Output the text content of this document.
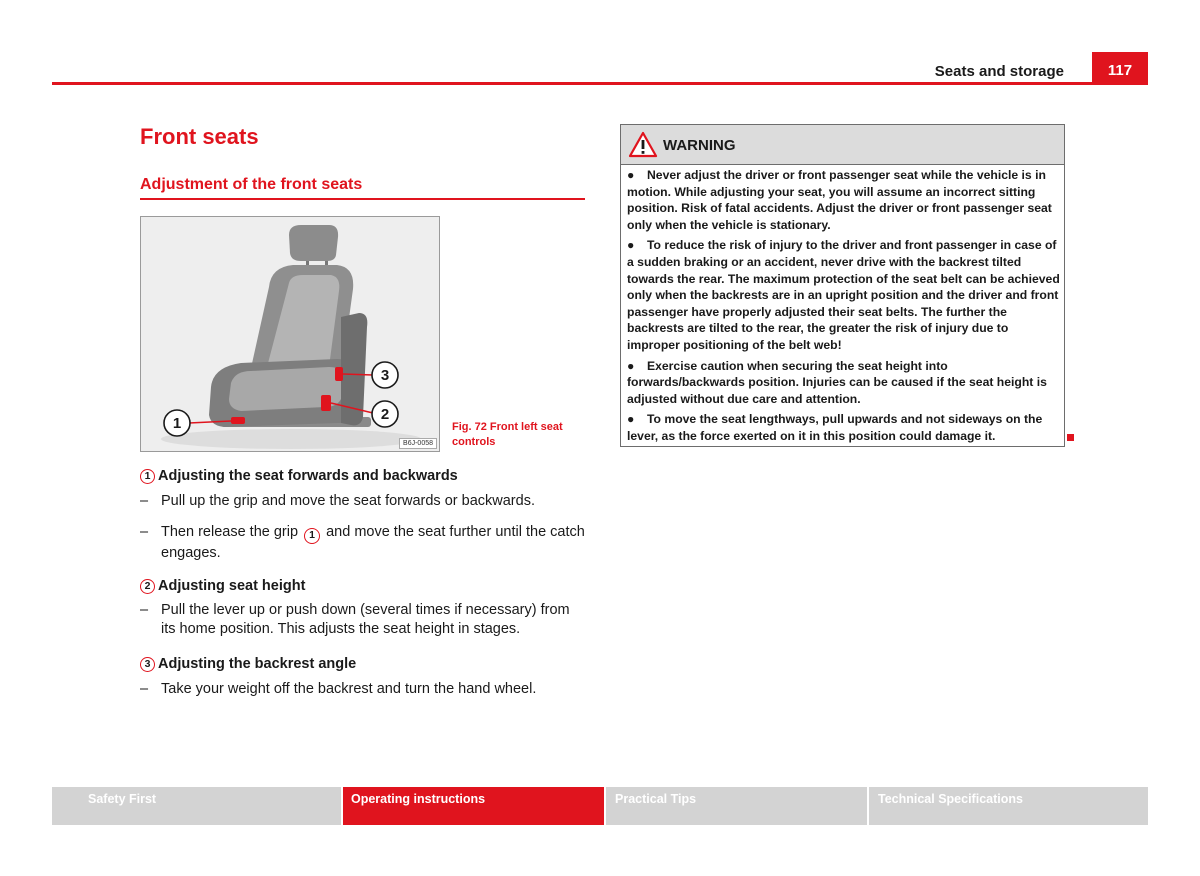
Seats and storage	117
Front seats
Adjustment of the front seats
1
2
3
B6J-0058
Fig. 72 Front left seat controls
1 Adjusting the seat forwards and backwards
– Pull up the grip and move the seat forwards or backwards.
– Then release the grip 1 and move the seat further until the catch engages.
2 Adjusting seat height
– Pull the lever up or push down (several times if necessary) from its home position. This adjusts the seat height in stages.
3 Adjusting the backrest angle
– Take your weight off the backrest and turn the hand wheel.
WARNING

● Never adjust the driver or front passenger seat while the vehicle is in motion. While adjusting your seat, you will assume an incorrect sitting position. Risk of fatal accidents. Adjust the driver or front passenger seat only when the vehicle is stationary.

● To reduce the risk of injury to the driver and front passenger in case of a sudden braking or an accident, never drive with the backrest tilted towards the rear. The maximum protection of the seat belt can be achieved only when the backrests are in an upright position and the driver and front passenger have properly adjusted their seat belts. The further the backrests are tilted to the rear, the greater the risk of injury due to improper positioning of the belt web!

● Exercise caution when securing the seat height into forwards/backwards position. Injuries can be caused if the seat height is adjusted without due care and attention.

● To move the seat lengthways, pull upwards and not sideways on the lever, as the force exerted on it in this position could damage it.

Safety First	Operating instructions	Practical Tips	Technical Specifications
